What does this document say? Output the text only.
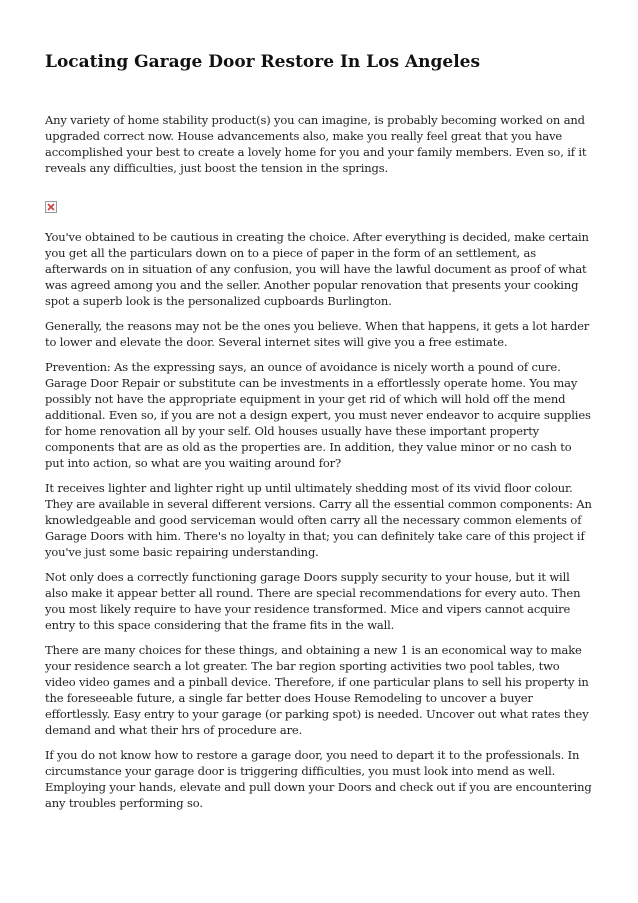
Locating Garage Door Restore In Los Angeles

Any variety of home stability product(s) you can imagine, is probably becoming worked on and upgraded correct now. House advancements also, make you really feel great that you have accomplished your best to create a lovely home for you and your family members. Even so, if it reveals any difficulties, just boost the tension in the springs.

You've obtained to be cautious in creating the choice. After everything is decided, make certain you get all the particulars down on to a piece of paper in the form of an settlement, as afterwards on in situation of any confusion, you will have the lawful document as proof of what was agreed among you and the seller. Another popular renovation that presents your cooking spot a superb look is the personalized cupboards Burlington.

Generally, the reasons may not be the ones you believe. When that happens, it gets a lot harder to lower and elevate the door. Several internet sites will give you a free estimate.

Prevention: As the expressing says, an ounce of avoidance is nicely worth a pound of cure. Garage Door Repair or substitute can be investments in a effortlessly operate home. You may possibly not have the appropriate equipment in your get rid of which will hold off the mend additional. Even so, if you are not a design expert, you must never endeavor to acquire supplies for home renovation all by your self. Old houses usually have these important property components that are as old as the properties are. In addition, they value minor or no cash to put into action, so what are you waiting around for?

It receives lighter and lighter right up until ultimately shedding most of its vivid floor colour. They are available in several different versions. Carry all the essential common components: An knowledgeable and good serviceman would often carry all the necessary common elements of Garage Doors with him. There's no loyalty in that; you can definitely take care of this project if you've just some basic repairing understanding.

Not only does a correctly functioning garage Doors supply security to your house, but it will also make it appear better all round. There are special recommendations for every auto. Then you most likely require to have your residence transformed. Mice and vipers cannot acquire entry to this space considering that the frame fits in the wall.

There are many choices for these things, and obtaining a new 1 is an economical way to make your residence search a lot greater. The bar region sporting activities two pool tables, two video video games and a pinball device. Therefore, if one particular plans to sell his property in the foreseeable future, a single far better does House Remodeling to uncover a buyer effortlessly. Easy entry to your garage (or parking spot) is needed. Uncover out what rates they demand and what their hrs of procedure are.

If you do not know how to restore a garage door, you need to depart it to the professionals. In circumstance your garage door is triggering difficulties, you must look into mend as well. Employing your hands, elevate and pull down your Doors and check out if you are encountering any troubles performing so.
